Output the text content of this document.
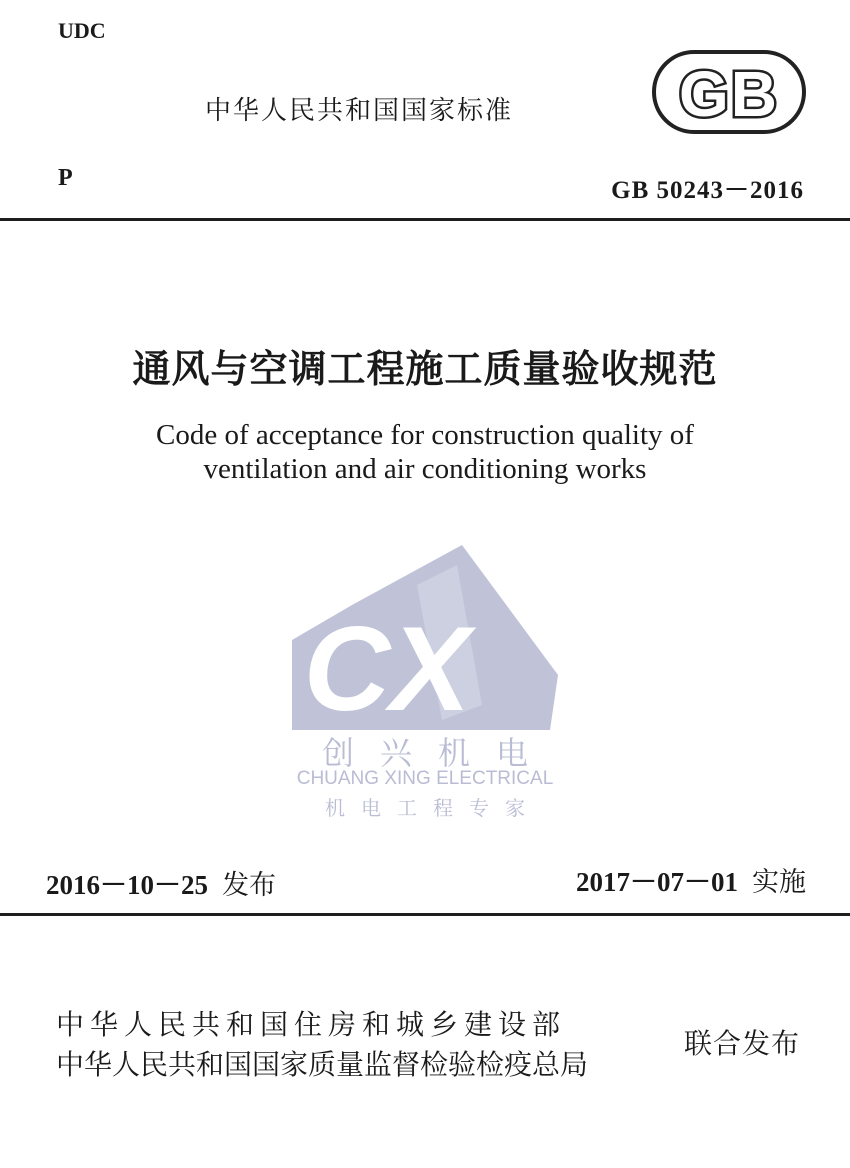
UDC
中华人民共和国国家标准	GB
P	GB 50243－2016
通风与空调工程施工质量验收规范
Code of acceptance for construction quality of
ventilation and air conditioning works
CX
创兴机电
CHUANG XING ELECTRICAL
机电工程专家
2016－10－25 发布	2017－07－01 实施
中华人民共和国住房和城乡建设部
中华人民共和国国家质量监督检验检疫总局
联合发布
